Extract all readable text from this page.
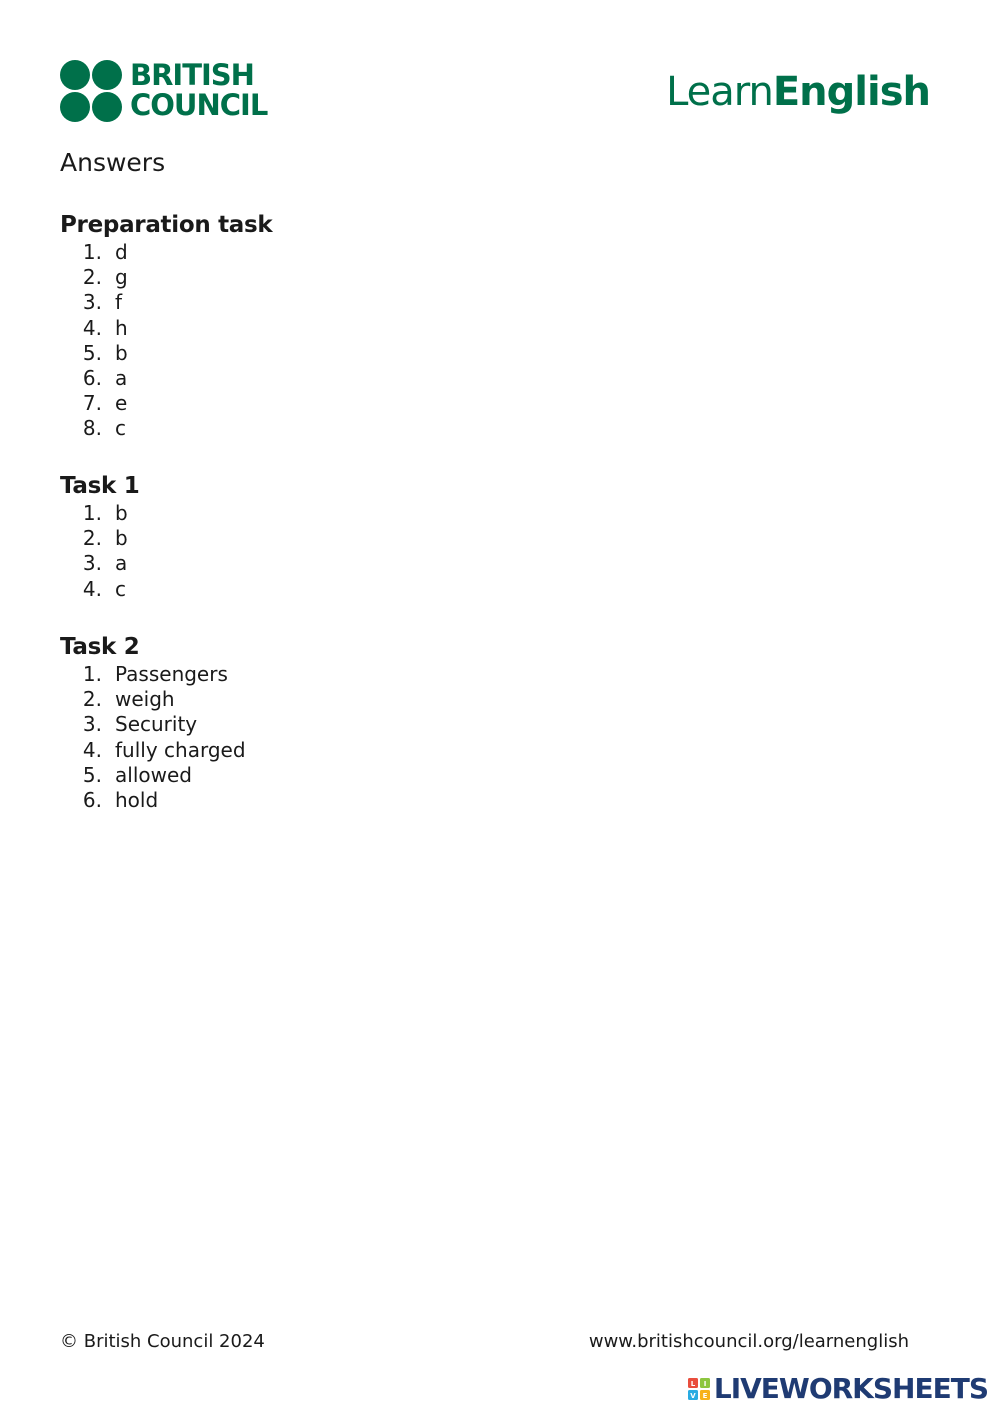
BRITISH
COUNCIL	LearnEnglish
Answers
Preparation task
1. d
2. g
3. f
4. h
5. b
6. a
7. e
8. c
Task 1
1. b
2. b
3. a
4. c
Task 2
1. Passengers
2. weigh
3. Security
4. fully charged
5. allowed
6. hold
© British Council 2024	www.britishcouncil.org/learnenglish
L I
V E LIVEWORKSHEETS
